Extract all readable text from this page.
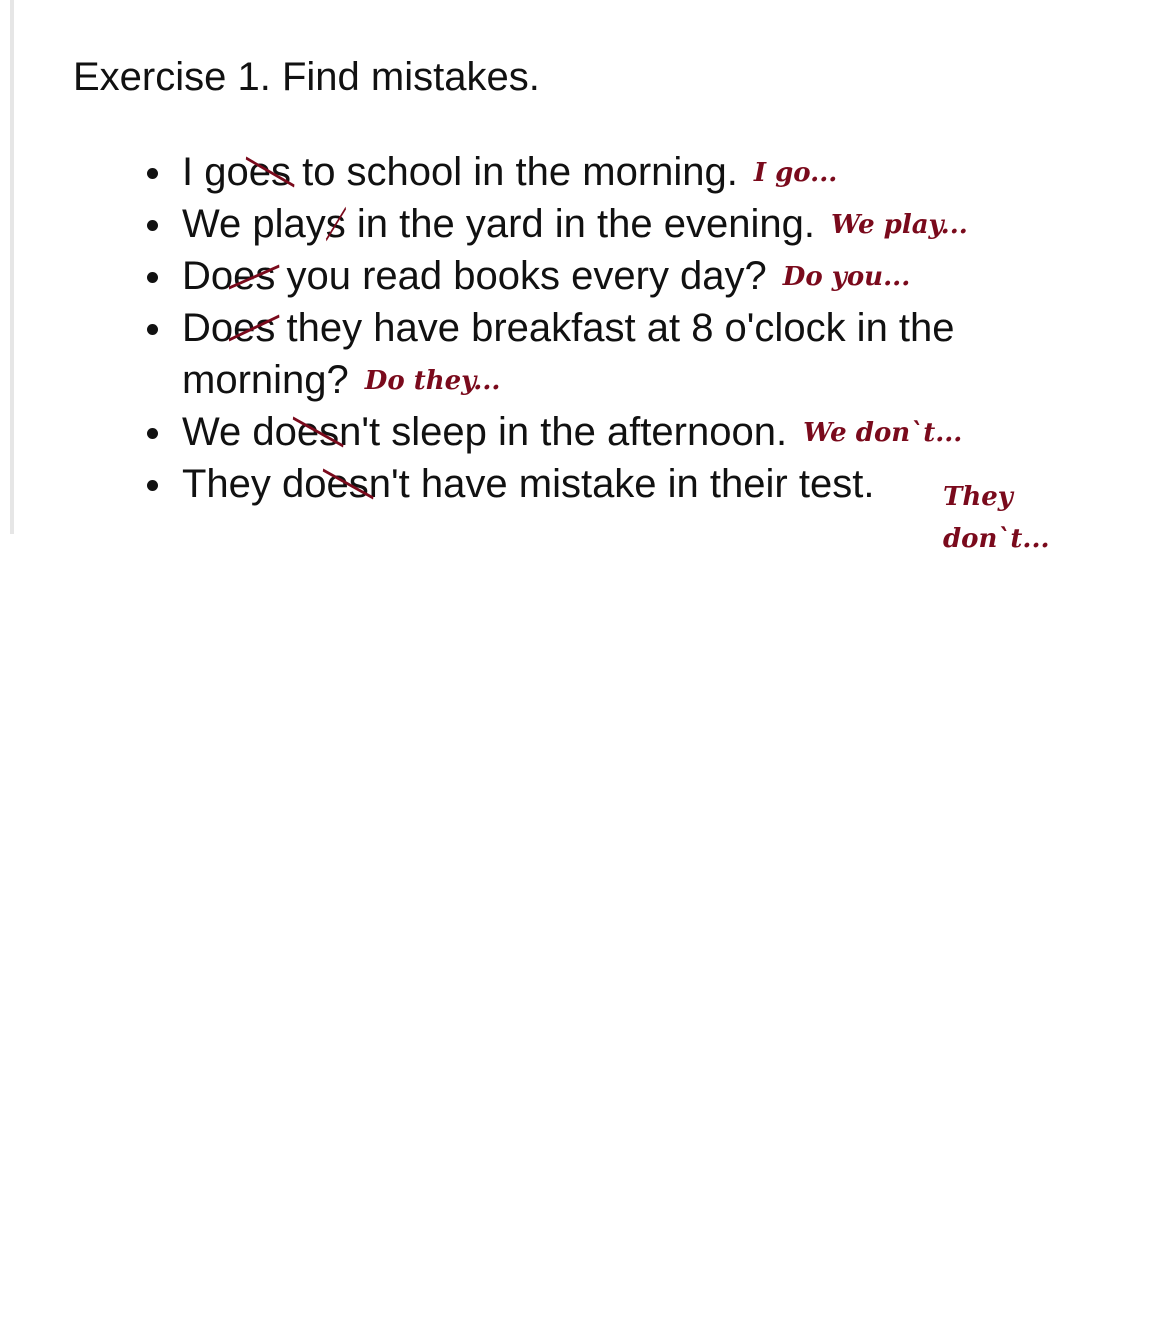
Exercise 1. Find mistakes.
I goes
to school in the morning. I go...
We plays
in the yard in the evening. We play...
Does
you read books every day? Do you...
Does
they have breakfast at 8 o'clock in the morning? Do they...
We does
n't sleep in the afternoon. We don`t...
They does
n't have mistake in their test.	They don`t...
